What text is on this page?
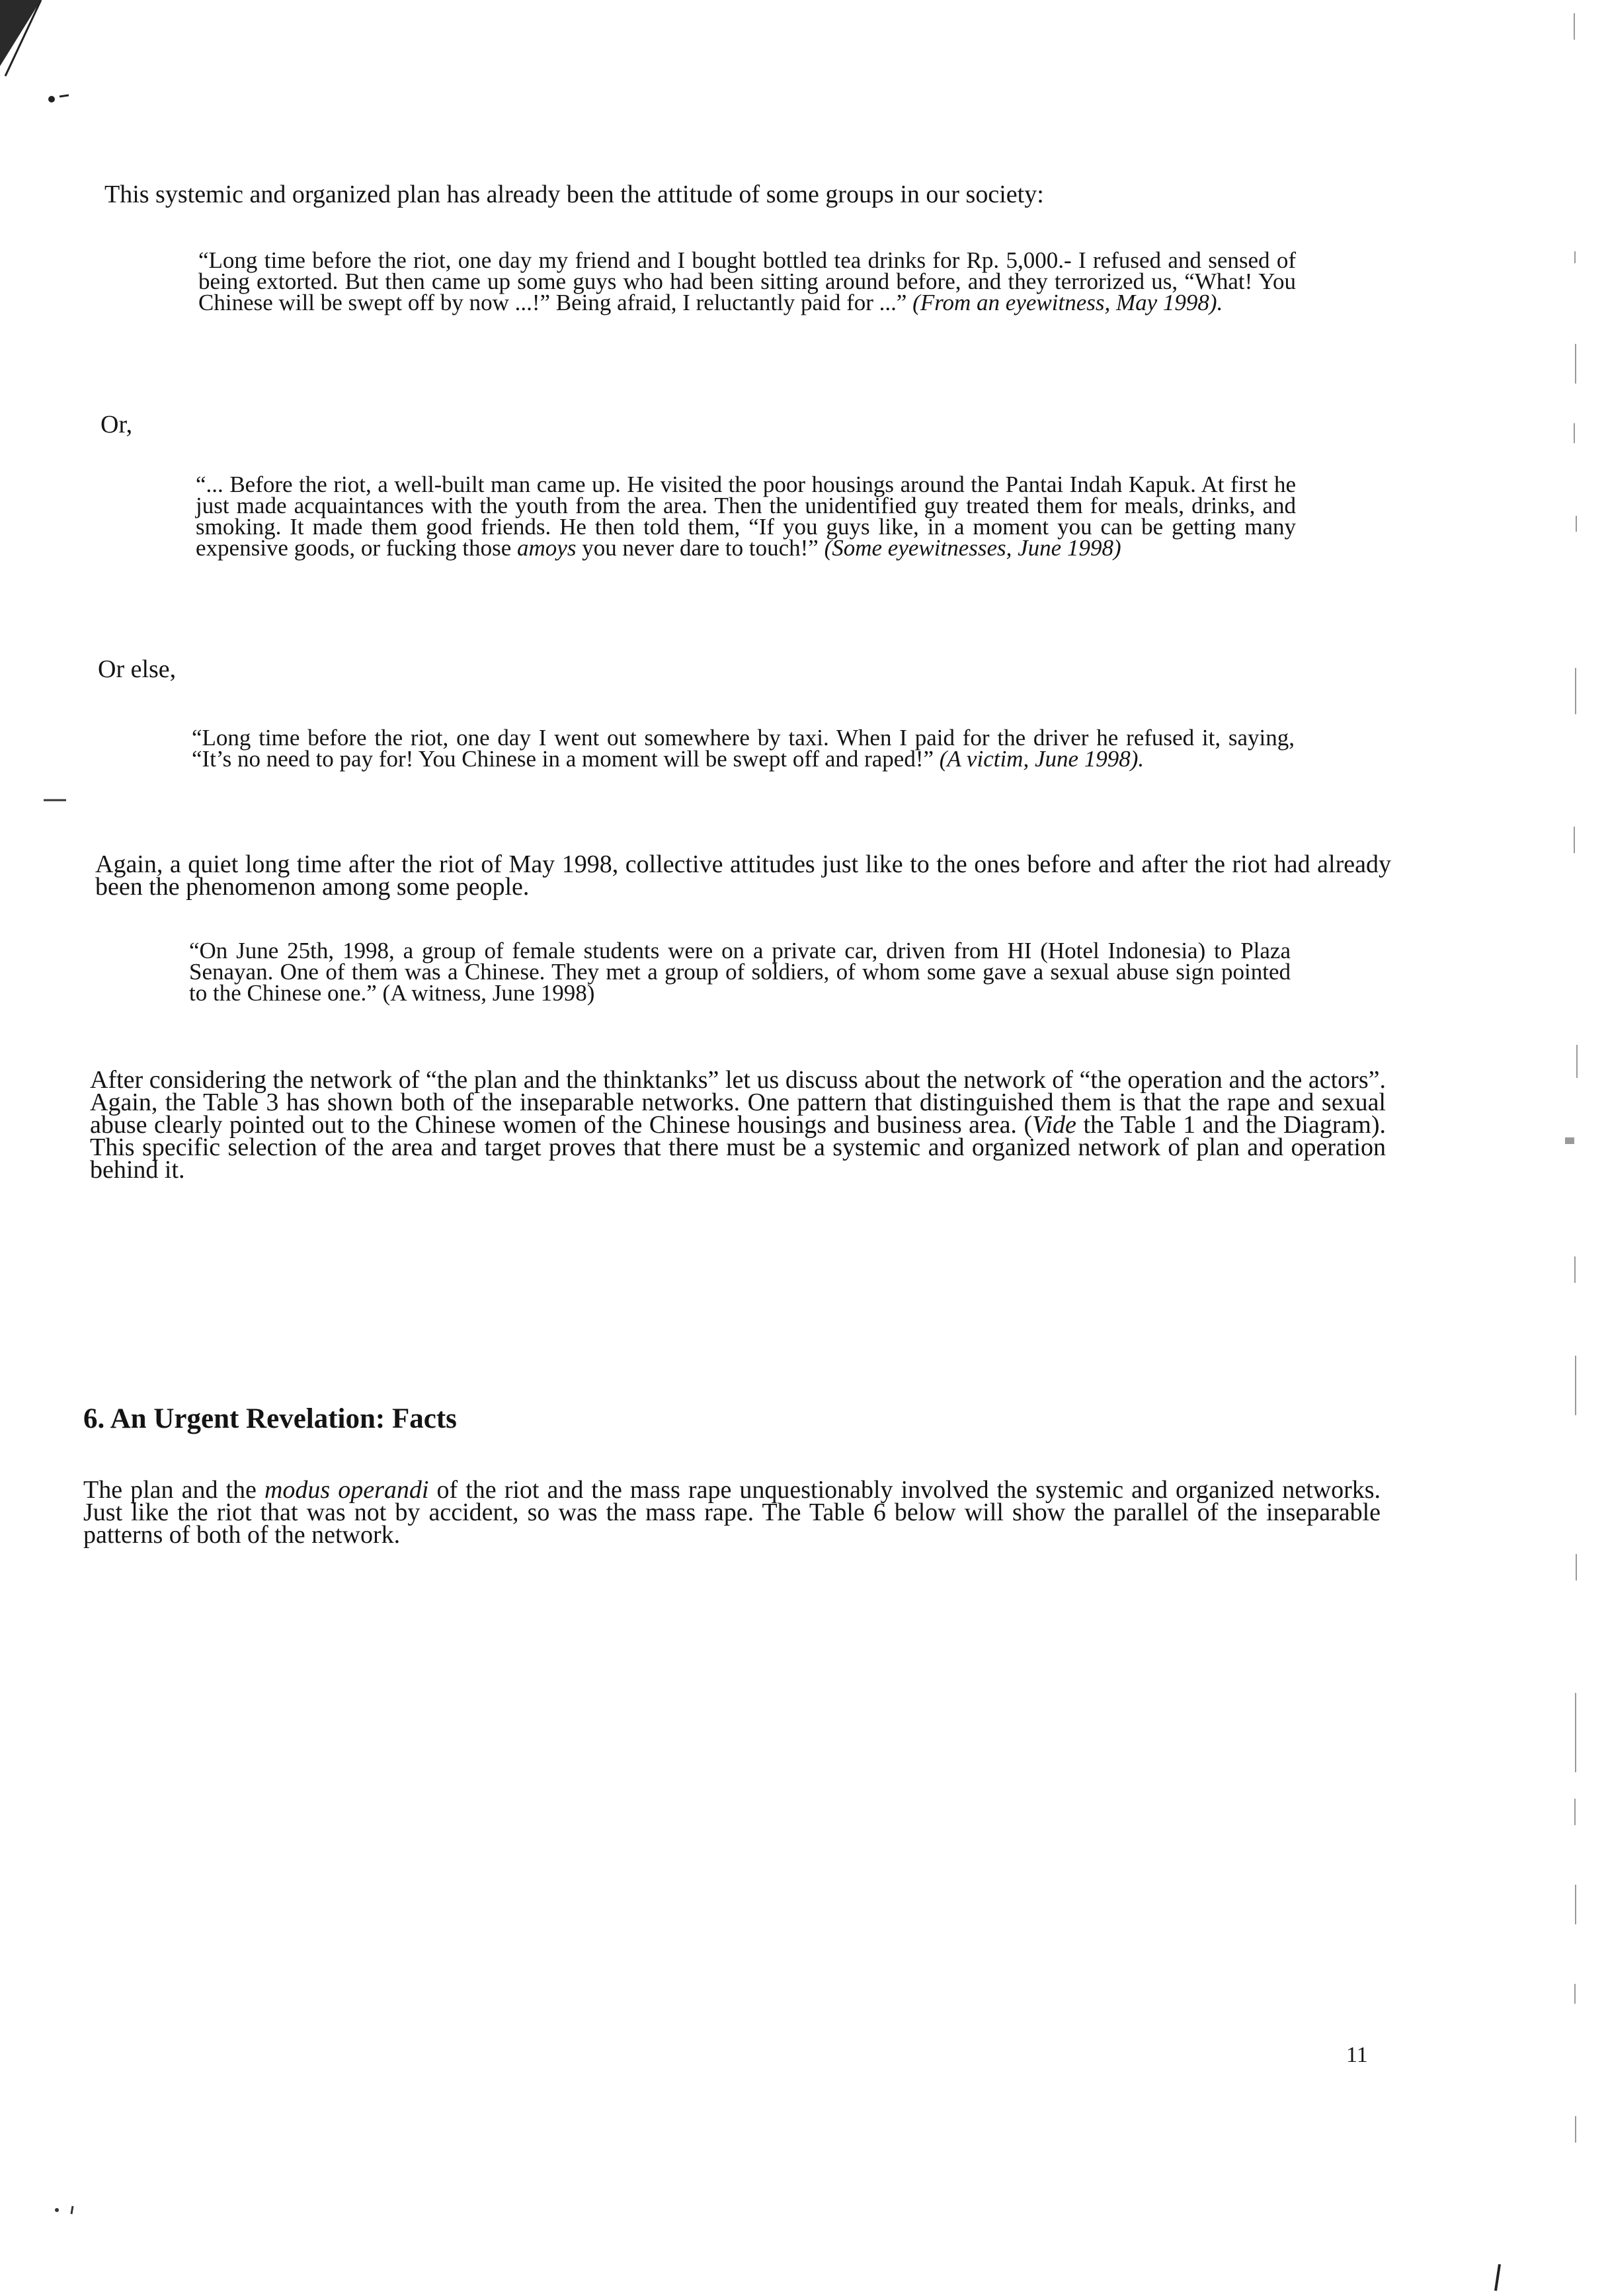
This systemic and organized plan has already been the attitude of some groups in our society:

“Long time before the riot, one day my friend and I bought bottled tea drinks for Rp. 5,000.- I refused and sensed of being extorted. But then came up some guys who had been sitting around before, and they terrorized us, “What! You Chinese will be swept off by now ...!” Being afraid, I reluctantly paid for ...” (From an eyewitness, May 1998).

Or,

“... Before the riot, a well-built man came up. He visited the poor housings around the Pantai Indah Kapuk. At first he just made acquaintances with the youth from the area. Then the unidentified guy treated them for meals, drinks, and smoking. It made them good friends. He then told them, “If you guys like, in a moment you can be getting many expensive goods, or fucking those amoys you never dare to touch!” (Some eyewitnesses, June 1998)

Or else,

“Long time before the riot, one day I went out somewhere by taxi. When I paid for the driver he refused it, saying, “It’s no need to pay for! You Chinese in a moment will be swept off and raped!” (A victim, June 1998).

Again, a quiet long time after the riot of May 1998, collective attitudes just like to the ones before and after the riot had already been the phenomenon among some people.

“On June 25th, 1998, a group of female students were on a private car, driven from HI (Hotel Indonesia) to Plaza Senayan. One of them was a Chinese. They met a group of soldiers, of whom some gave a sexual abuse sign pointed to the Chinese one.” (A witness, June 1998)

After considering the network of “the plan and the thinktanks” let us discuss about the network of “the operation and the actors”. Again, the Table 3 has shown both of the inseparable networks. One pattern that distinguished them is that the rape and sexual abuse clearly pointed out to the Chinese women of the Chinese housings and business area. (Vide the Table 1 and the Diagram). This specific selection of the area and target proves that there must be a systemic and organized network of plan and operation behind it.

6. An Urgent Revelation: Facts

The plan and the modus operandi of the riot and the mass rape unquestionably involved the systemic and organized networks. Just like the riot that was not by accident, so was the mass rape. The Table 6 below will show the parallel of the inseparable patterns of both of the network.

11
